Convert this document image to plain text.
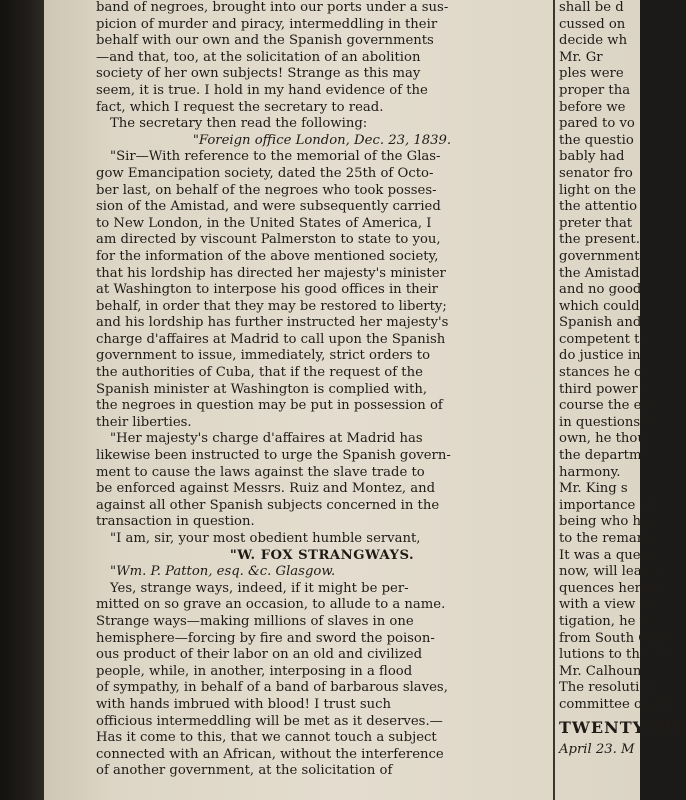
band of negroes, brought into our ports under a sus-
picion of murder and piracy, intermeddling in their
behalf with our own and the Spanish governments
—and that, too, at the solicitation of an abolition
society of her own subjects! Strange as this may
seem, it is true. I hold in my hand evidence of the
fact, which I request the secretary to read.
The secretary then read the following:
"Foreign office London, Dec. 23, 1839.
"Sir—With reference to the memorial of the Glas-
gow Emancipation society, dated the 25th of Octo-
ber last, on behalf of the negroes who took posses-
sion of the Amistad, and were subsequently carried
to New London, in the United States of America, I
am directed by viscount Palmerston to state to you,
for the information of the above mentioned society,
that his lordship has directed her majesty's minister
at Washington to interpose his good offices in their
behalf, in order that they may be restored to liberty;
and his lordship has further instructed her majesty's
charge d'affaires at Madrid to call upon the Spanish
government to issue, immediately, strict orders to
the authorities of Cuba, that if the request of the
Spanish minister at Washington is complied with,
the negroes in question may be put in possession of
their liberties.
"Her majesty's charge d'affaires at Madrid has
likewise been instructed to urge the Spanish govern-
ment to cause the laws against the slave trade to
be enforced against Messrs. Ruiz and Montez, and
against all other Spanish subjects concerned in the
transaction in question.
"I am, sir, your most obedient humble servant,
"W. FOX STRANGWAYS.
"Wm. P. Patton, esq. &c. Glasgow.
Yes, strange ways, indeed, if it might be per-
mitted on so grave an occasion, to allude to a name.
Strange ways—making millions of slaves in one
hemisphere—forcing by fire and sword the poison-
ous product of their labor on an old and civilized
people, while, in another, interposing in a flood
of sympathy, in behalf of a band of barbarous slaves,
with hands imbrued with blood! I trust such
officious intermeddling will be met as it deserves.—
Has it come to this, that we cannot touch a subject
connected with an African, without the interference
of another government, at the solicitation of
shall be d
cussed on
decide wh
Mr. Gr
ples were
proper tha
before we
pared to vo
the questio
bably had
senator fro
light on the
the attentio
preter that
the present.
government
the Amistad
and no good
which could
Spanish and
competent to
do justice in
stances he co
third power a
course the exe
in questions b
own, he thou
the departme
harmony.
Mr. King s
importance of
being who had
to the remarks
It was a questi
now, will lead t
quences hereaf
with a view to
tigation, he w
from South Caro
lutions to the co
Mr. Calhoun
The resolution
committee on for
TWENTY-SIX
April 23. M
